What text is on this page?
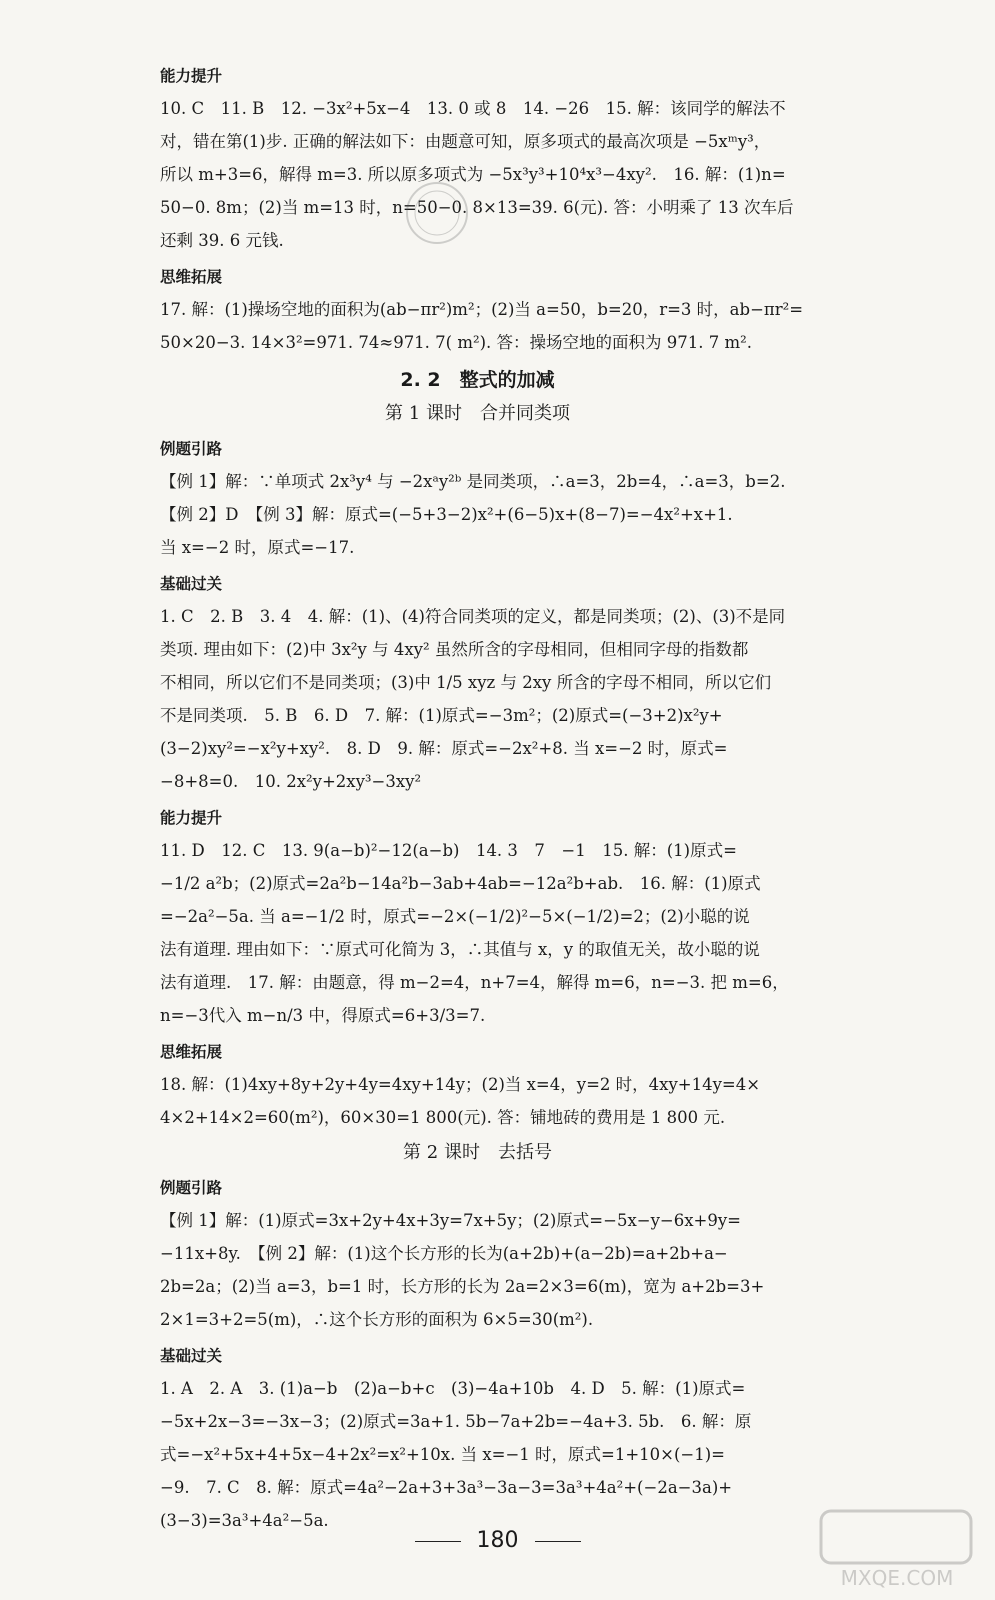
能力提升

10. C　11. B　12. −3x²+5x−4　13. 0 或 8　14. −26　15. 解：该同学的解法不
对，错在第(1)步. 正确的解法如下：由题意可知，原多项式的最高次项是 −5xᵐy³，
所以 m+3=6，解得 m=3. 所以原多项式为 −5x³y³+10⁴x³−4xy².　16. 解：(1)n=
50−0. 8m；(2)当 m=13 时，n=50−0. 8×13=39. 6(元). 答：小明乘了 13 次车后
还剩 39. 6 元钱.

思维拓展

17. 解：(1)操场空地的面积为(ab−πr²)m²；(2)当 a=50，b=20，r=3 时，ab−πr²=
50×20−3. 14×3²=971. 74≈971. 7( m²). 答：操场空地的面积为 971. 7 m².

2. 2　整式的加减
第 1 课时　合并同类项
例题引路

【例 1】解：∵单项式 2x³y⁴ 与 −2xᵃy²ᵇ 是同类项，∴a=3，2b=4，∴a=3，b=2.
【例 2】D　【例 3】解：原式=(−5+3−2)x²+(6−5)x+(8−7)=−4x²+x+1.
当 x=−2 时，原式=−17.

基础过关

1. C　2. B　3. 4　4. 解：(1)、(4)符合同类项的定义，都是同类项；(2)、(3)不是同
类项. 理由如下：(2)中 3x²y 与 4xy² 虽然所含的字母相同，但相同字母的指数都
不相同，所以它们不是同类项；(3)中 1/5 xyz 与 2xy 所含的字母不相同，所以它们
不是同类项.　5. B　6. D　7. 解：(1)原式=−3m²；(2)原式=(−3+2)x²y+
(3−2)xy²=−x²y+xy².　8. D　9. 解：原式=−2x²+8. 当 x=−2 时，原式=
−8+8=0.　10. 2x²y+2xy³−3xy²

能力提升

11. D　12. C　13. 9(a−b)²−12(a−b)　14. 3　7　−1　15. 解：(1)原式=
−1/2 a²b；(2)原式=2a²b−14a²b−3ab+4ab=−12a²b+ab.　16. 解：(1)原式
=−2a²−5a. 当 a=−1/2 时，原式=−2×(−1/2)²−5×(−1/2)=2；(2)小聪的说
法有道理. 理由如下：∵原式可化简为 3，∴其值与 x，y 的取值无关，故小聪的说
法有道理.　17. 解：由题意，得 m−2=4，n+7=4，解得 m=6，n=−3. 把 m=6，
n=−3代入 m−n/3 中，得原式=6+3/3=7.

思维拓展

18. 解：(1)4xy+8y+2y+4y=4xy+14y；(2)当 x=4，y=2 时，4xy+14y=4×
4×2+14×2=60(m²)，60×30=1 800(元). 答：铺地砖的费用是 1 800 元.

第 2 课时　去括号
例题引路

【例 1】解：(1)原式=3x+2y+4x+3y=7x+5y；(2)原式=−5x−y−6x+9y=
−11x+8y.　【例 2】解：(1)这个长方形的长为(a+2b)+(a−2b)=a+2b+a−
2b=2a；(2)当 a=3，b=1 时，长方形的长为 2a=2×3=6(m)，宽为 a+2b=3+
2×1=3+2=5(m)，∴这个长方形的面积为 6×5=30(m²).

基础过关

1. A　2. A　3. (1)a−b　(2)a−b+c　(3)−4a+10b　4. D　5. 解：(1)原式=
−5x+2x−3=−3x−3；(2)原式=3a+1. 5b−7a+2b=−4a+3. 5b.　6. 解：原
式=−x²+5x+4+5x−4+2x²=x²+10x. 当 x=−1 时，原式=1+10×(−1)=
−9.　7. C　8. 解：原式=4a²−2a+3+3a³−3a−3=3a³+4a²+(−2a−3a)+
(3−3)=3a³+4a²−5a.

180
MXQE.COM
